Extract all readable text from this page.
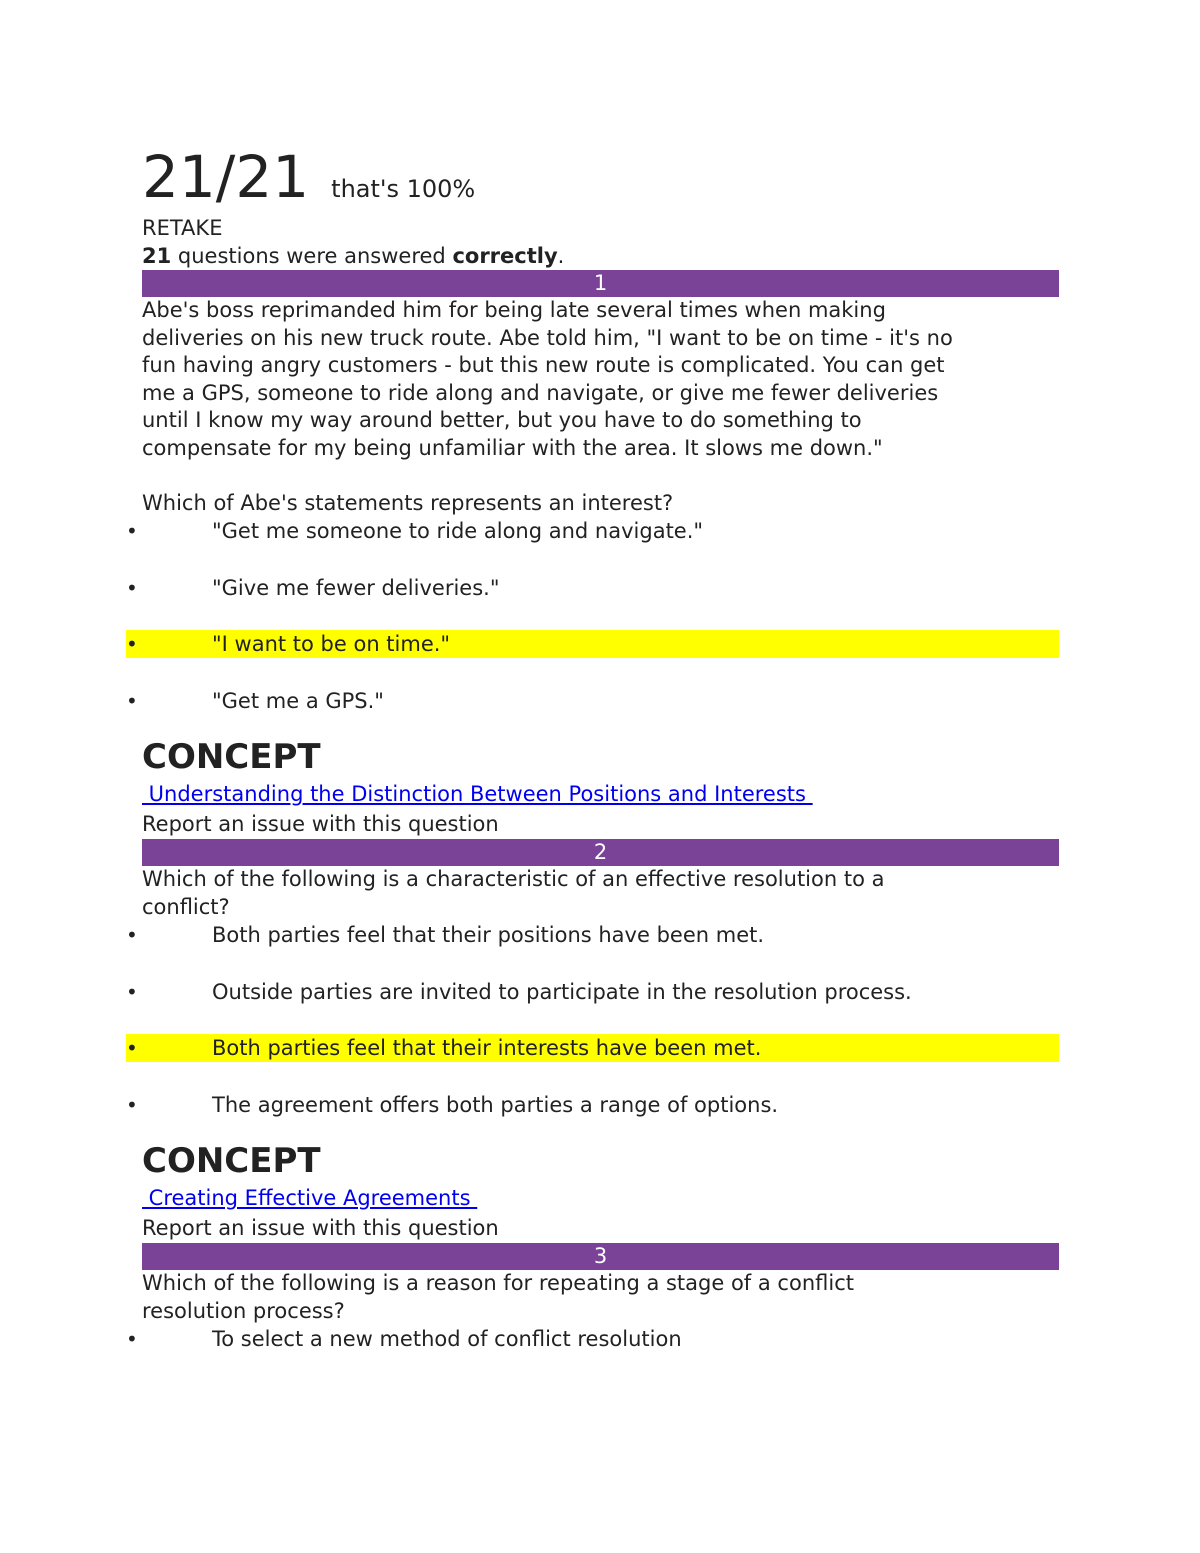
21/21 that's 100%
RETAKE
21 questions were answered correctly.
1
Abe's boss reprimanded him for being late several times when making
deliveries on his new truck route. Abe told him, "I want to be on time - it's no
fun having angry customers - but this new route is complicated. You can get
me a GPS, someone to ride along and navigate, or give me fewer deliveries
until I know my way around better, but you have to do something to
compensate for my being unfamiliar with the area. It slows me down."
Which of Abe's statements represents an interest?
•	"Get me someone to ride along and navigate."
•	"Give me fewer deliveries."
•	"I want to be on time."
•	"Get me a GPS."
CONCEPT
Understanding the Distinction Between Positions and Interests
Report an issue with this question
2
Which of the following is a characteristic of an effective resolution to a
conflict?
•	Both parties feel that their positions have been met.
•	Outside parties are invited to participate in the resolution process.
•	Both parties feel that their interests have been met.
•	The agreement offers both parties a range of options.
CONCEPT
Creating Effective Agreements
Report an issue with this question
3
Which of the following is a reason for repeating a stage of a conflict
resolution process?
•	To select a new method of conflict resolution
